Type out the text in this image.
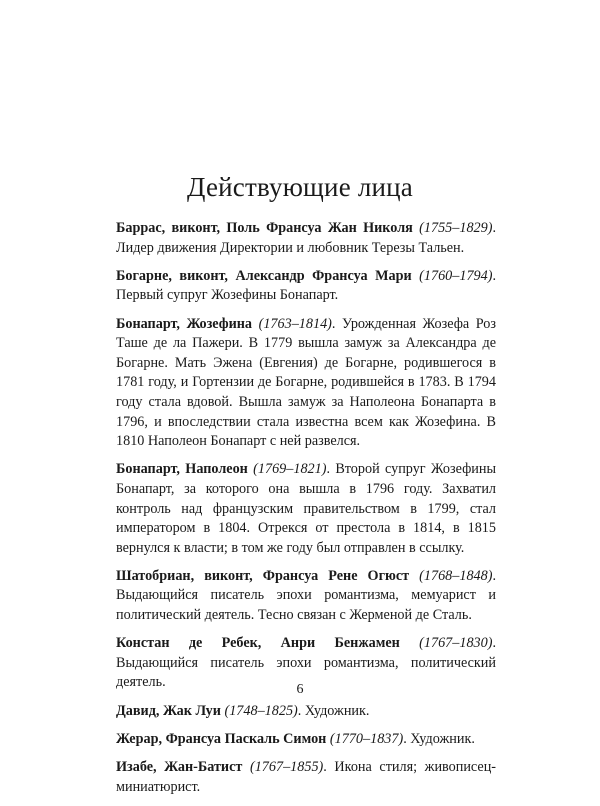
Действующие лица

Баррас, виконт, Поль Франсуа Жан Николя (1755–1829). Лидер движения Директории и любовник Терезы Тальен.

Богарне, виконт, Александр Франсуа Мари (1760–1794). Первый супруг Жозефины Бонапарт.

Бонапарт, Жозефина (1763–1814). Урожденная Жозефа Роз Таше де ла Пажери. В 1779 вышла замуж за Александра де Богарне. Мать Эжена (Евгения) де Богарне, родившегося в 1781 году, и Гортензии де Богарне, родившейся в 1783. В 1794 году стала вдовой. Вышла замуж за Наполеона Бонапарта в 1796, и впоследствии стала известна всем как Жозефина. В 1810 Наполеон Бонапарт с ней развелся.

Бонапарт, Наполеон (1769–1821). Второй супруг Жозефины Бонапарт, за которого она вышла в 1796 году. Захватил контроль над французским правительством в 1799, стал императором в 1804. Отрекся от престола в 1814, в 1815 вернулся к власти; в том же году был отправлен в ссылку.

Шатобриан, виконт, Франсуа Рене Огюст (1768–1848). Выдающийся писатель эпохи романтизма, мемуарист и политический деятель. Тесно связан с Жерменой де Сталь.

Констан де Ребек, Анри Бенжамен (1767–1830). Выдающийся писатель эпохи романтизма, политический деятель.

Давид, Жак Луи (1748–1825). Художник.

Жерар, Франсуа Паскаль Симон (1770–1837). Художник.

Изабе, Жан-Батист (1767–1855). Икона стиля; живописец-миниатюрист.

6
